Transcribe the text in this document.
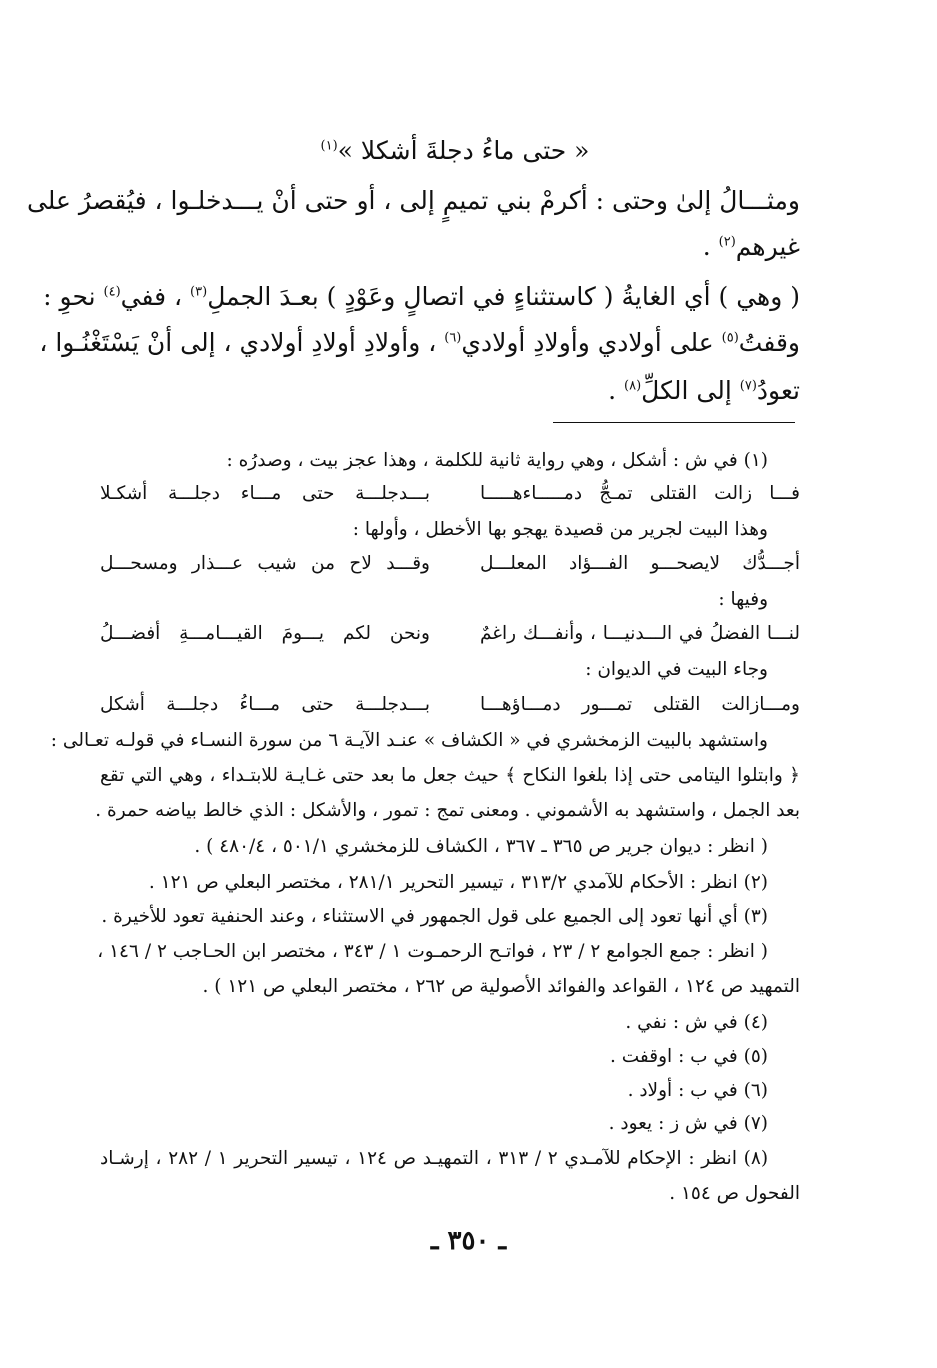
« حتى ماءُ دجلةَ أشكلا »$^{(١)}$
ومثـــالُ إلىٰ وحتى : أكرمْ بني تميمٍ إلى ، أو حتى أنْ يـــدخلـوا ، فيُقصرُ على
غيرهم$^{(٢)}$ .
( وهي ) أي الغايةُ ( كاستثناءٍ في اتصالٍ وعَوْدٍ ) بعـدَ الجملِ$^{(٣)}$ ، ففي$^{(٤)}$ نحوِ :
وقفتُ$^{(٥)}$ على أولادي وأولادِ أولادي$^{(٦)}$ ، وأولادِ أولادِ أولادي ، إلى أنْ يَسْتَغْنُـوا ،
تعودُ$^{(٧)}$ إلى الكلِّ$^{(٨)}$ .
(١) في ش : أشكل ، وهي رواية ثانية للكلمة ، وهذا عجز بيت ، وصدرُه :
فـــا زالت القتلى تمـجُّ دمـــــاءهـــــا
بـــدجلـــة حتى مـــاء دجلـــة أشكـلا
وهذا البيت لجرير من قصيدة يهجو بها الأخطل ، وأولها :
أجـــدُّك لايصحـــو الفـــؤاد المعلـــل
وقـــد لاح من شيب عـــذار ومسحـــل
وفيها :
لنـــا الفضلُ في الـــدنيـــا ، وأنفـــك راغمٌ
ونحن لكم يـــومَ القيـــامـــةِ أفضـــلُ
وجاء البيت في الديوان :
ومـــازالت القتلى تمـــور دمـــاؤهـــا
بـــدجلـــة حتى مـــاءُ دجلـــة أشكل
واستشهد بالبيت الزمخشري في « الكشاف » عنـد الآيـة ٦ من سورة النسـاء في قولـه تعـالى :
﴿ وابتلوا اليتامى حتى إذا بلغوا النكاح ﴾ حيث جعل ما بعد حتى غـايـة للابتـداء ، وهي التي تقع
بعد الجمل ، واستشهد به الأشموني . ومعنى تمج : تمور ، والأشكل : الذي خالط بياضه حمرة .
( انظر : ديوان جرير ص ٣٦٥ ـ ٣٦٧ ، الكشاف للزمخشري ٥٠١/١ ، ٤٨٠/٤ ) .
(٢) انظر : الأحكام للآمدي ٣١٣/٢ ، تيسير التحرير ٢٨١/١ ، مختصر البعلي ص ١٢١ .
(٣) أي أنها تعود إلى الجميع على قول الجمهور في الاستثناء ، وعند الحنفية تعود للأخيرة .
( انظر : جمع الجوامع ٢ / ٢٣ ، فواتـح الرحمـوت ١ / ٣٤٣ ، مختصر ابن الحـاجب ٢ / ١٤٦ ،
التمهيد ص ١٢٤ ، القواعد والفوائد الأصولية ص ٢٦٢ ، مختصر البعلي ص ١٢١ ) .
(٤) في ش : نفي .
(٥) في ب : اوقفت .
(٦) في ب : أولاد .
(٧) في ش ز : يعود .
(٨) انظر : الإحكام للآمـدي ٢ / ٣١٣ ، التمهيـد ص ١٢٤ ، تيسير التحرير ١ / ٢٨٢ ، إرشـاد
الفحول ص ١٥٤ .
ـ ٣٥٠ ـ
